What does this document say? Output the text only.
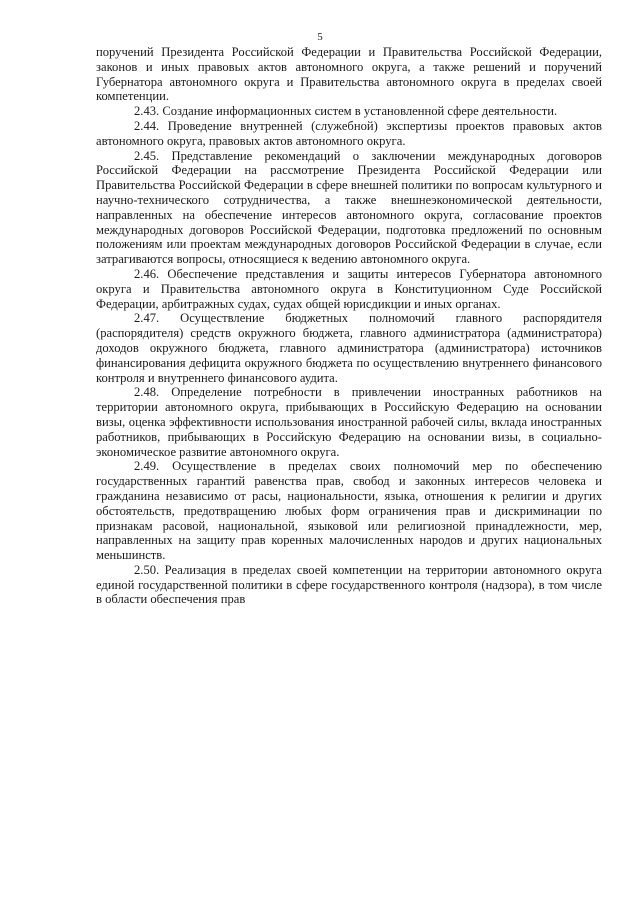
5

поручений Президента Российской Федерации и Правительства Российской Федерации, законов и иных правовых актов автономного округа, а также решений и поручений Губернатора автономного округа и Правительства автономного округа в пределах своей компетенции.

2.43. Создание информационных систем в установленной сфере деятельности.

2.44. Проведение внутренней (служебной) экспертизы проектов правовых актов автономного округа, правовых актов автономного округа.

2.45. Представление рекомендаций о заключении международных договоров Российской Федерации на рассмотрение Президента Российской Федерации или Правительства Российской Федерации в сфере внешней политики по вопросам культурного и научно-технического сотрудничества, а также внешнеэкономической деятельности, направленных на обеспечение интересов автономного округа, согласование проектов международных договоров Российской Федерации, подготовка предложений по основным положениям или проектам международных договоров Российской Федерации в случае, если затрагиваются вопросы, относящиеся к ведению автономного округа.

2.46. Обеспечение представления и защиты интересов Губернатора автономного округа и Правительства автономного округа в Конституционном Суде Российской Федерации, арбитражных судах, судах общей юрисдикции и иных органах.

2.47. Осуществление бюджетных полномочий главного распорядителя (распорядителя) средств окружного бюджета, главного администратора (администратора) доходов окружного бюджета, главного администратора (администратора) источников финансирования дефицита окружного бюджета по осуществлению внутреннего финансового контроля и внутреннего финансового аудита.

2.48. Определение потребности в привлечении иностранных работников на территории автономного округа, прибывающих в Российскую Федерацию на основании визы, оценка эффективности использования иностранной рабочей силы, вклада иностранных работников, прибывающих в Российскую Федерацию на основании визы, в социально-экономическое развитие автономного округа.

2.49. Осуществление в пределах своих полномочий мер по обеспечению государственных гарантий равенства прав, свобод и законных интересов человека и гражданина независимо от расы, национальности, языка, отношения к религии и других обстоятельств, предотвращению любых форм ограничения прав и дискриминации по признакам расовой, национальной, языковой или религиозной принадлежности, мер, направленных на защиту прав коренных малочисленных народов и других национальных меньшинств.

2.50. Реализация в пределах своей компетенции на территории автономного округа единой государственной политики в сфере государственного контроля (надзора), в том числе в области обеспечения прав
